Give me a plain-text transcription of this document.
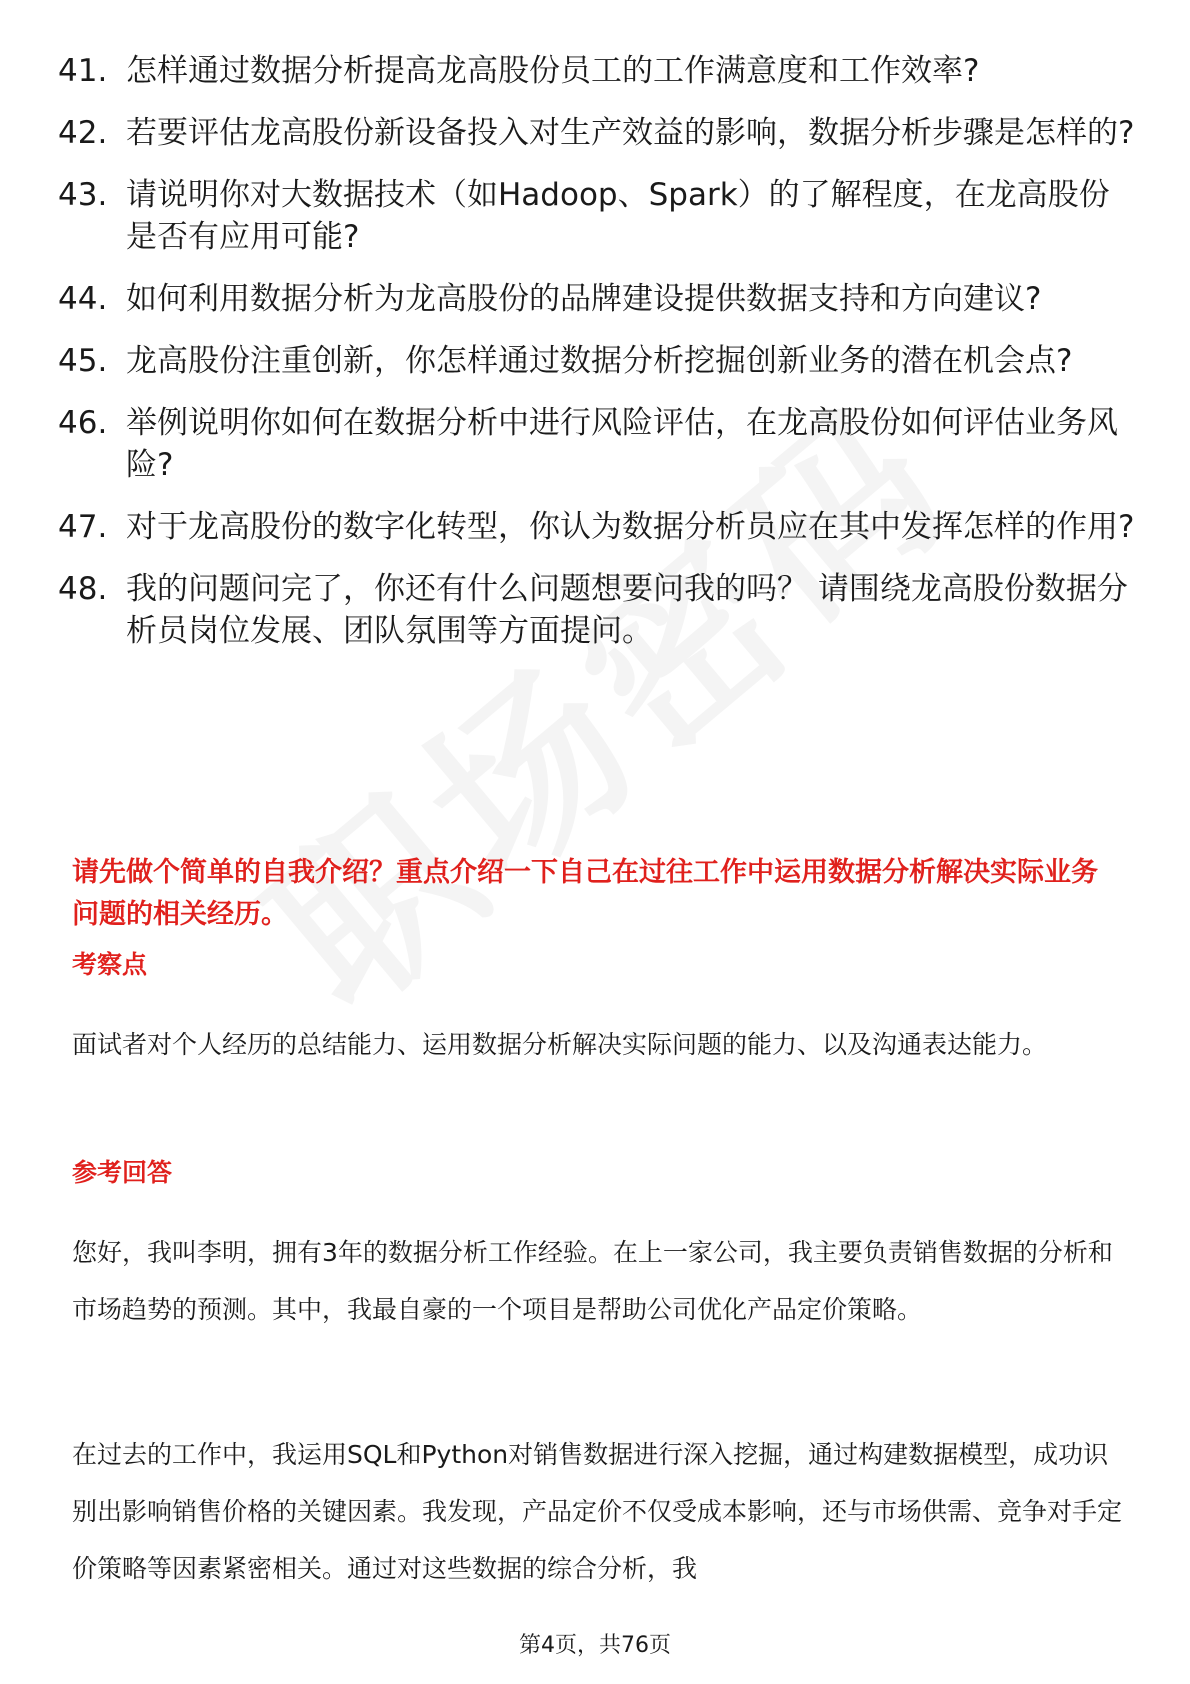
41. 怎样通过数据分析提高龙高股份员工的工作满意度和工作效率?
42. 若要评估龙高股份新设备投入对生产效益的影响，数据分析步骤是怎样的?
43. 请说明你对大数据技术（如Hadoop、Spark）的了解程度，在龙高股份是否有应用可能?
44. 如何利用数据分析为龙高股份的品牌建设提供数据支持和方向建议?
45. 龙高股份注重创新，你怎样通过数据分析挖掘创新业务的潜在机会点?
46. 举例说明你如何在数据分析中进行风险评估，在龙高股份如何评估业务风险?
47. 对于龙高股份的数字化转型，你认为数据分析员应在其中发挥怎样的作用?
48. 我的问题问完了，你还有什么问题想要问我的吗？ 请围绕龙高股份数据分析员岗位发展、团队氛围等方面提问。
请先做个简单的自我介绍？重点介绍一下自己在过往工作中运用数据分析解决实际业务问题的相关经历。
考察点
面试者对个人经历的总结能力、运用数据分析解决实际问题的能力、以及沟通表达能力。
参考回答
您好，我叫李明，拥有3年的数据分析工作经验。在上一家公司，我主要负责销售数据的分析和市场趋势的预测。其中，我最自豪的一个项目是帮助公司优化产品定价策略。
在过去的工作中，我运用SQL和Python对销售数据进行深入挖掘，通过构建数据模型，成功识别出影响销售价格的关键因素。我发现，产品定价不仅受成本影响，还与市场供需、竞争对手定价策略等因素紧密相关。通过对这些数据的综合分析，我
第4页，共76页
